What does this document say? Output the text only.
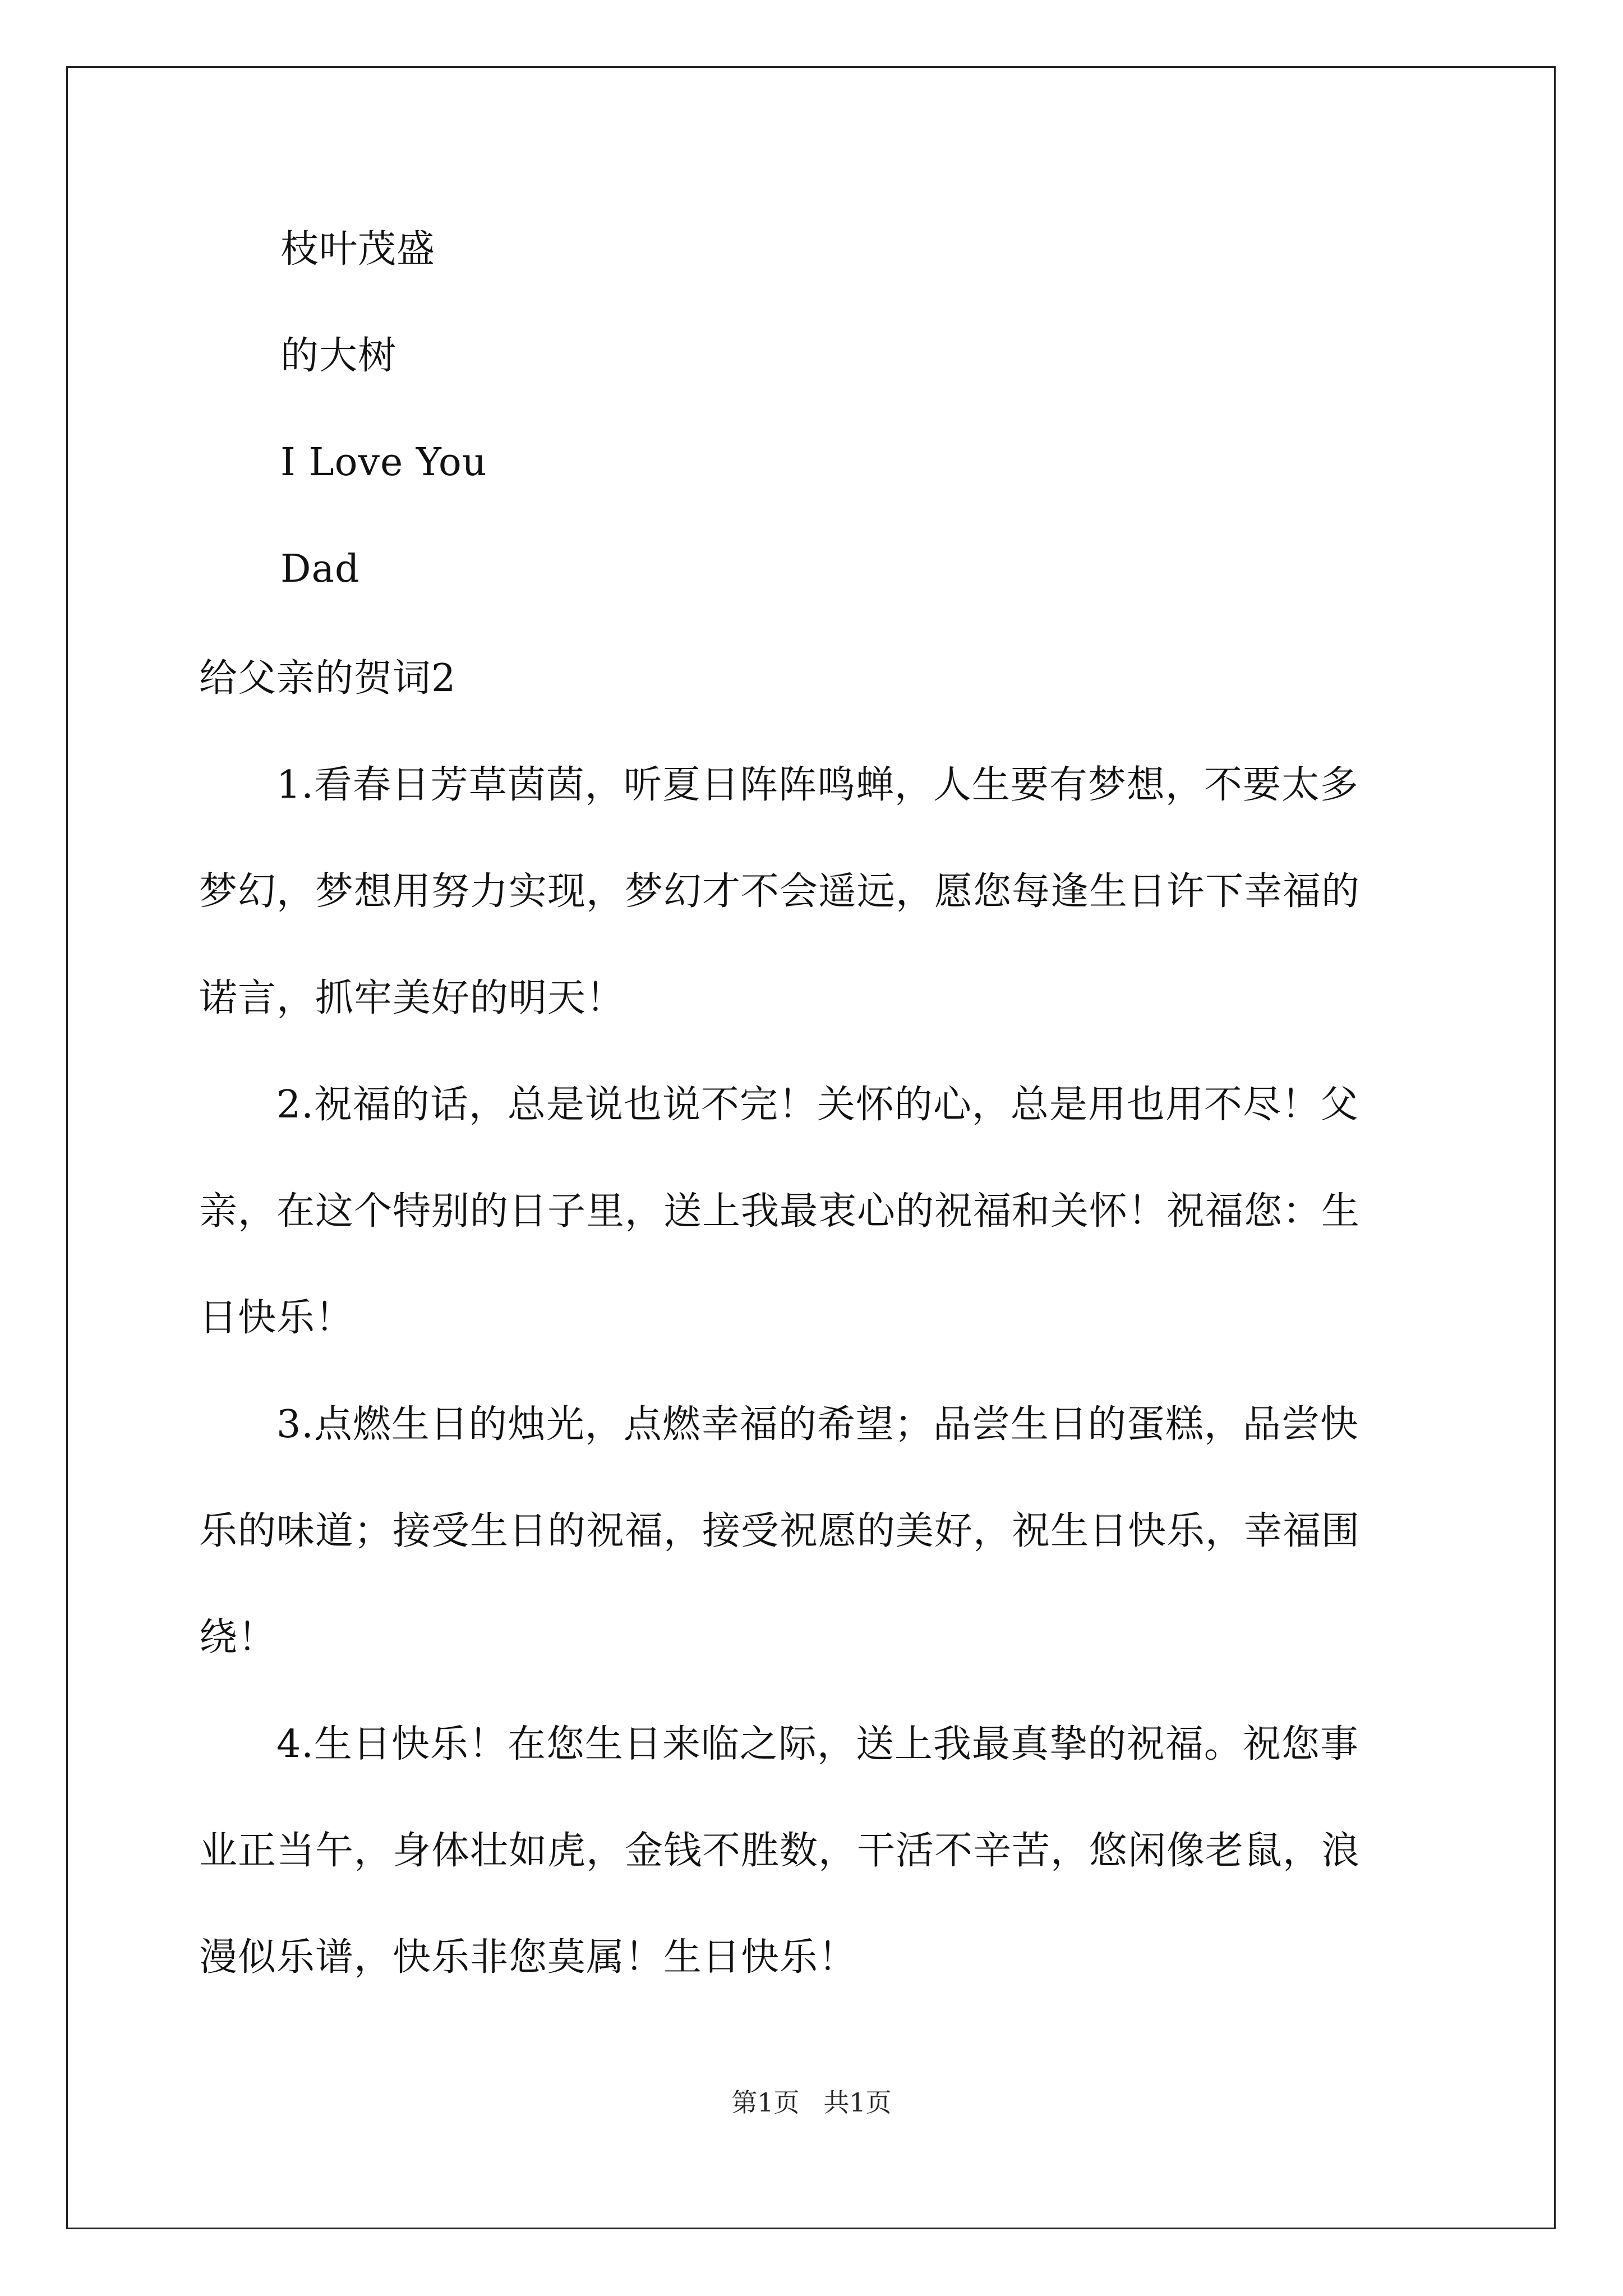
枝叶茂盛
的大树
I Love You
Dad
给父亲的贺词2
　　1.看春日芳草茵茵，听夏日阵阵鸣蝉，人生要有梦想，不要太多
梦幻，梦想用努力实现，梦幻才不会遥远，愿您每逢生日许下幸福的
诺言，抓牢美好的明天！
　　2.祝福的话，总是说也说不完！关怀的心，总是用也用不尽！父
亲，在这个特别的日子里，送上我最衷心的祝福和关怀！祝福您：生
日快乐！
　　3.点燃生日的烛光，点燃幸福的希望；品尝生日的蛋糕，品尝快
乐的味道；接受生日的祝福，接受祝愿的美好，祝生日快乐，幸福围
绕！
　　4.生日快乐！在您生日来临之际，送上我最真挚的祝福。祝您事
业正当午，身体壮如虎，金钱不胜数，干活不辛苦，悠闲像老鼠，浪
漫似乐谱，快乐非您莫属！生日快乐！
第1页 共1页
